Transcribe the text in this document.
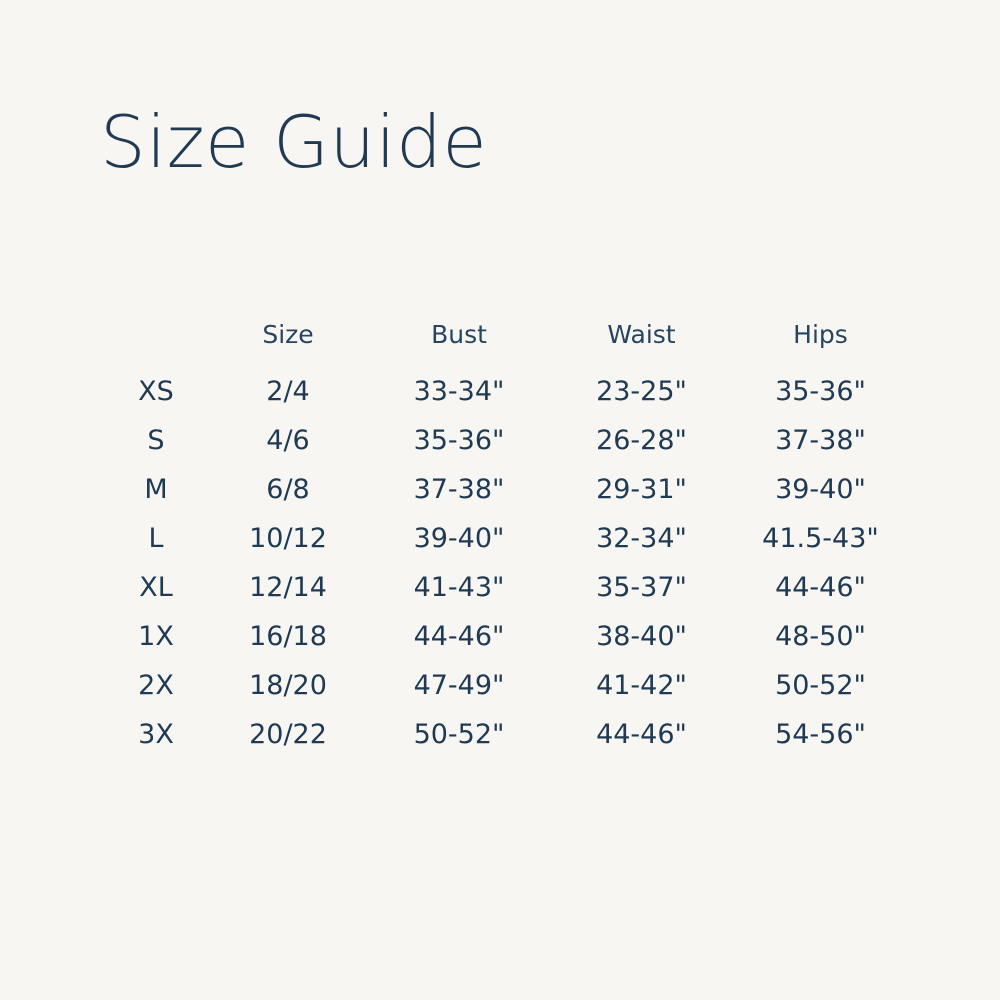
Size Guide
	Size	Bust	Waist	Hips
XS	2/4	33-34"	23-25"	35-36"
S	4/6	35-36"	26-28"	37-38"
M	6/8	37-38"	29-31"	39-40"
L	10/12	39-40"	32-34"	41.5-43"
XL	12/14	41-43"	35-37"	44-46"
1X	16/18	44-46"	38-40"	48-50"
2X	18/20	47-49"	41-42"	50-52"
3X	20/22	50-52"	44-46"	54-56"
